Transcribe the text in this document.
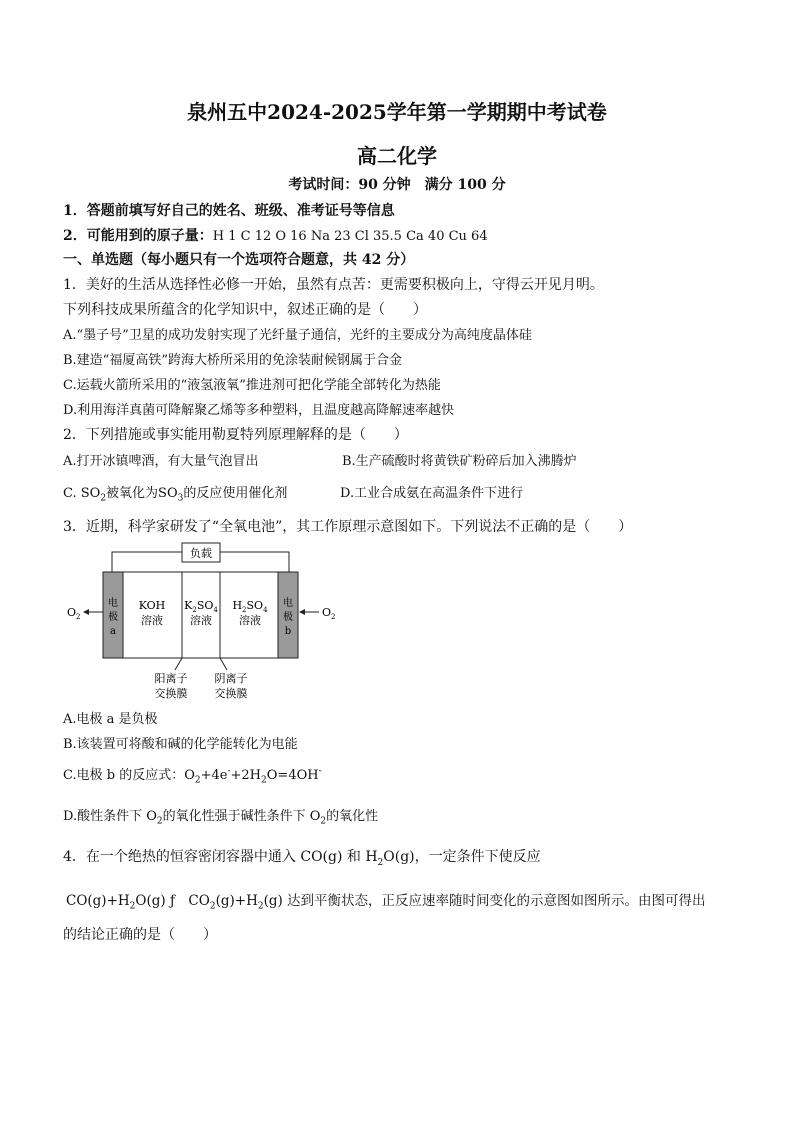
泉州五中2024-2025学年第一学期期中考试卷
高二化学
考试时间：90 分钟　满分 100 分
1．答题前填写好自己的姓名、班级、准考证号等信息
2．可能用到的原子量：H 1 C 12 O 16 Na 23 Cl 35.5 Ca 40 Cu 64
一、单选题（每小题只有一个选项符合题意，共 42 分）
1．美好的生活从选择性必修一开始，虽然有点苦：更需要积极向上，守得云开见月明。
下列科技成果所蕴含的化学知识中，叙述正确的是（　　）
A.“墨子号”卫星的成功发射实现了光纤量子通信，光纤的主要成分为高纯度晶体硅
B.建造“福厦高铁”跨海大桥所采用的免涂装耐候钢属于合金
C.运载火箭所采用的“液氢液氧”推进剂可把化学能全部转化为热能
D.利用海洋真菌可降解聚乙烯等多种塑料，且温度越高降解速率越快
2．下列措施或事实能用勒夏特列原理解释的是（　　）
A.打开冰镇啤酒，有大量气泡冒出	B.生产硫酸时将黄铁矿粉碎后加入沸腾炉
C. $SO_2$被氧化为$SO_3$的反应使用催化剂	D.工业合成氨在高温条件下进行
3．近期，科学家研发了“全氧电池”，其工作原理示意图如下。下列说法不正确的是（　　）
负载
电
极
a
电
极
b
KOH
溶液
$K_2SO_4$
溶液
$H_2SO_4$
溶液
$O_2$	$O_2$
阳离子
交换膜
阴离子
交换膜
A.电极 a 是负极
B.该装置可将酸和碱的化学能转化为电能
C.电极 b 的反应式：$O_2+4e^-+2H_2O=4OH^-$
D.酸性条件下 $O_2$的氧化性强于碱性条件下 $O_2$的氧化性
4．在一个绝热的恒容密闭容器中通入 CO(g) 和 $H_2O(g)$，一定条件下使反应
$CO(g)+H_2O(g)$ ƒ　$CO_2(g)+H_2(g)$ 达到平衡状态，正反应速率随时间变化的示意图如图所示。由图可得出
的结论正确的是（　　）
